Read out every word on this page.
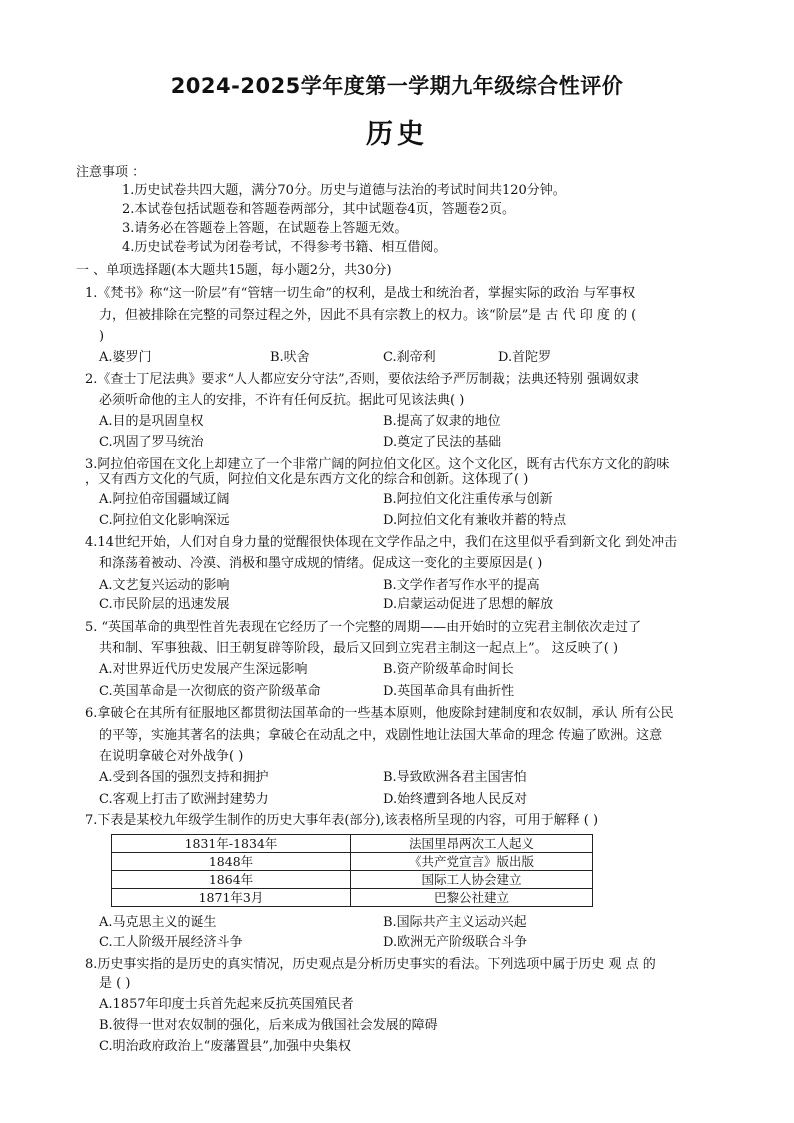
2024-2025学年度第一学期九年级综合性评价
历史
注意事项 ：
1.历史试卷共四大题，满分70分。历史与道德与法治的考试时间共120分钟。
2.本试卷包括试题卷和答题卷两部分，其中试题卷4页，答题卷2页。
3.请务必在答题卷上答题，在试题卷上答题无效。
4.历史试卷考试为闭卷考试，不得参考书籍、相互借阅。
一 、单项选择题(本大题共15题，每小题2分，共30分)
1.《梵书》称“这一阶层”有“管辖一切生命”的权利，是战士和统治者，掌握实际的政治 与军事权
力，但被排除在完整的司祭过程之外，因此不具有宗教上的权力。该“阶层”是 古 代 印 度 的 (
)
A.婆罗门	B.吠舍	C.刹帝利	D.首陀罗
2.《查士丁尼法典》要求“人人都应安分守法”,否则，要依法给予严厉制裁；法典还特别 强调奴隶
必须听命他的主人的安排，不许有任何反抗。据此可见该法典( )
A.目的是巩固皇权	B.提高了奴隶的地位
C.巩固了罗马统治	D.奠定了民法的基础
3.阿拉伯帝国在文化上却建立了一个非常广阔的阿拉伯文化区。这个文化区，既有古代东方文化的韵味
，又有西方文化的气质，阿拉伯文化是东西方文化的综合和创新。这体现了( )
A.阿拉伯帝国疆域辽阔	B.阿拉伯文化注重传承与创新
C.阿拉伯文化影响深远	D.阿拉伯文化有兼收并蓄的特点
4.14世纪开始，人们对自身力量的觉醒很快体现在文学作品之中，我们在这里似乎看到新文化 到处冲击
和涤荡着被动、冷漠、消极和墨守成规的情绪。促成这一变化的主要原因是( )
A.文艺复兴运动的影响	B.文学作者写作水平的提高
C.市民阶层的迅速发展	D.启蒙运动促进了思想的解放
5. “英国革命的典型性首先表现在它经历了一个完整的周期——由开始时的立宪君主制依次走过了
共和制、军事独裁、旧王朝复辟等阶段，最后又回到立宪君主制这一起点上”。 这反映了( )
A.对世界近代历史发展产生深远影响	B.资产阶级革命时间长
C.英国革命是一次彻底的资产阶级革命	D.英国革命具有曲折性
6.拿破仑在其所有征服地区都贯彻法国革命的一些基本原则，他废除封建制度和农奴制，承认 所有公民
的平等，实施其著名的法典；拿破仑在动乱之中，戏剧性地让法国大革命的理念 传遍了欧洲。这意
在说明拿破仑对外战争( )
A.受到各国的强烈支持和拥护	B.导致欧洲各君主国害怕
C.客观上打击了欧洲封建势力	D.始终遭到各地人民反对
7.下表是某校九年级学生制作的历史大事年表(部分),该表格所呈现的内容，可用于解释 ( )
1831年-1834年	法国里昂两次工人起义
1848年	《共产党宣言》版出版
1864年	国际工人协会建立
1871年3月	巴黎公社建立
A.马克思主义的诞生	B.国际共产主义运动兴起
C.工人阶级开展经济斗争	D.欧洲无产阶级联合斗争
8.历史事实指的是历史的真实情况，历史观点是分析历史事实的看法。下列选项中属于历史 观 点 的
是 ( )
A.1857年印度士兵首先起来反抗英国殖民者
B.彼得一世对农奴制的强化，后来成为俄国社会发展的障碍
C.明治政府政治上“废藩置县”,加强中央集权
